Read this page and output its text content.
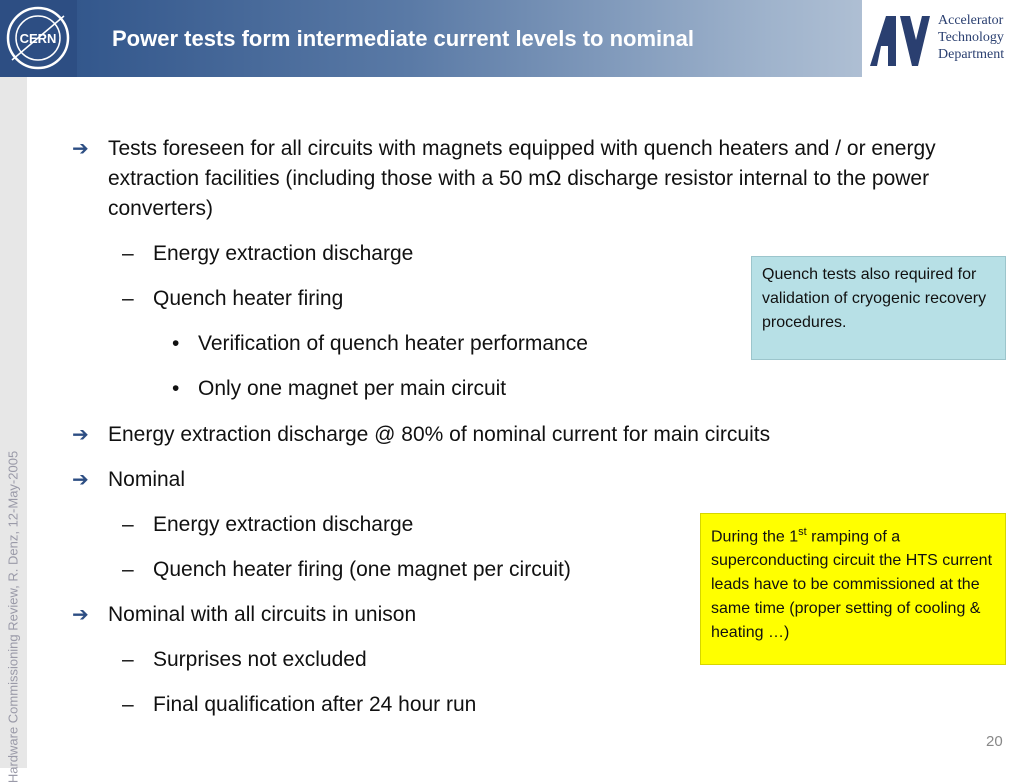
CERN	Power tests form intermediate current levels to nominal
Accelerator
Technology
Department
Hardware Commissioning Review, R. Denz, 12-May-2005
➔ Tests foreseen for all circuits with magnets equipped with quench heaters and / or energy extraction facilities (including those with a 50 mΩ discharge resistor internal to the power converters)
– Energy extraction discharge
– Quench heater firing
• Verification of quench heater performance
• Only one magnet per main circuit
➔ Energy extraction discharge @ 80% of nominal current for main circuits
➔ Nominal
– Energy extraction discharge
– Quench heater firing (one magnet per circuit)
➔ Nominal with all circuits in unison
– Surprises not excluded
– Final qualification after 24 hour run
Quench tests also required for validation of cryogenic recovery procedures.
During the 1st ramping of a superconducting circuit the HTS current leads have to be commissioned at the same time (proper setting of cooling & heating …)
20
